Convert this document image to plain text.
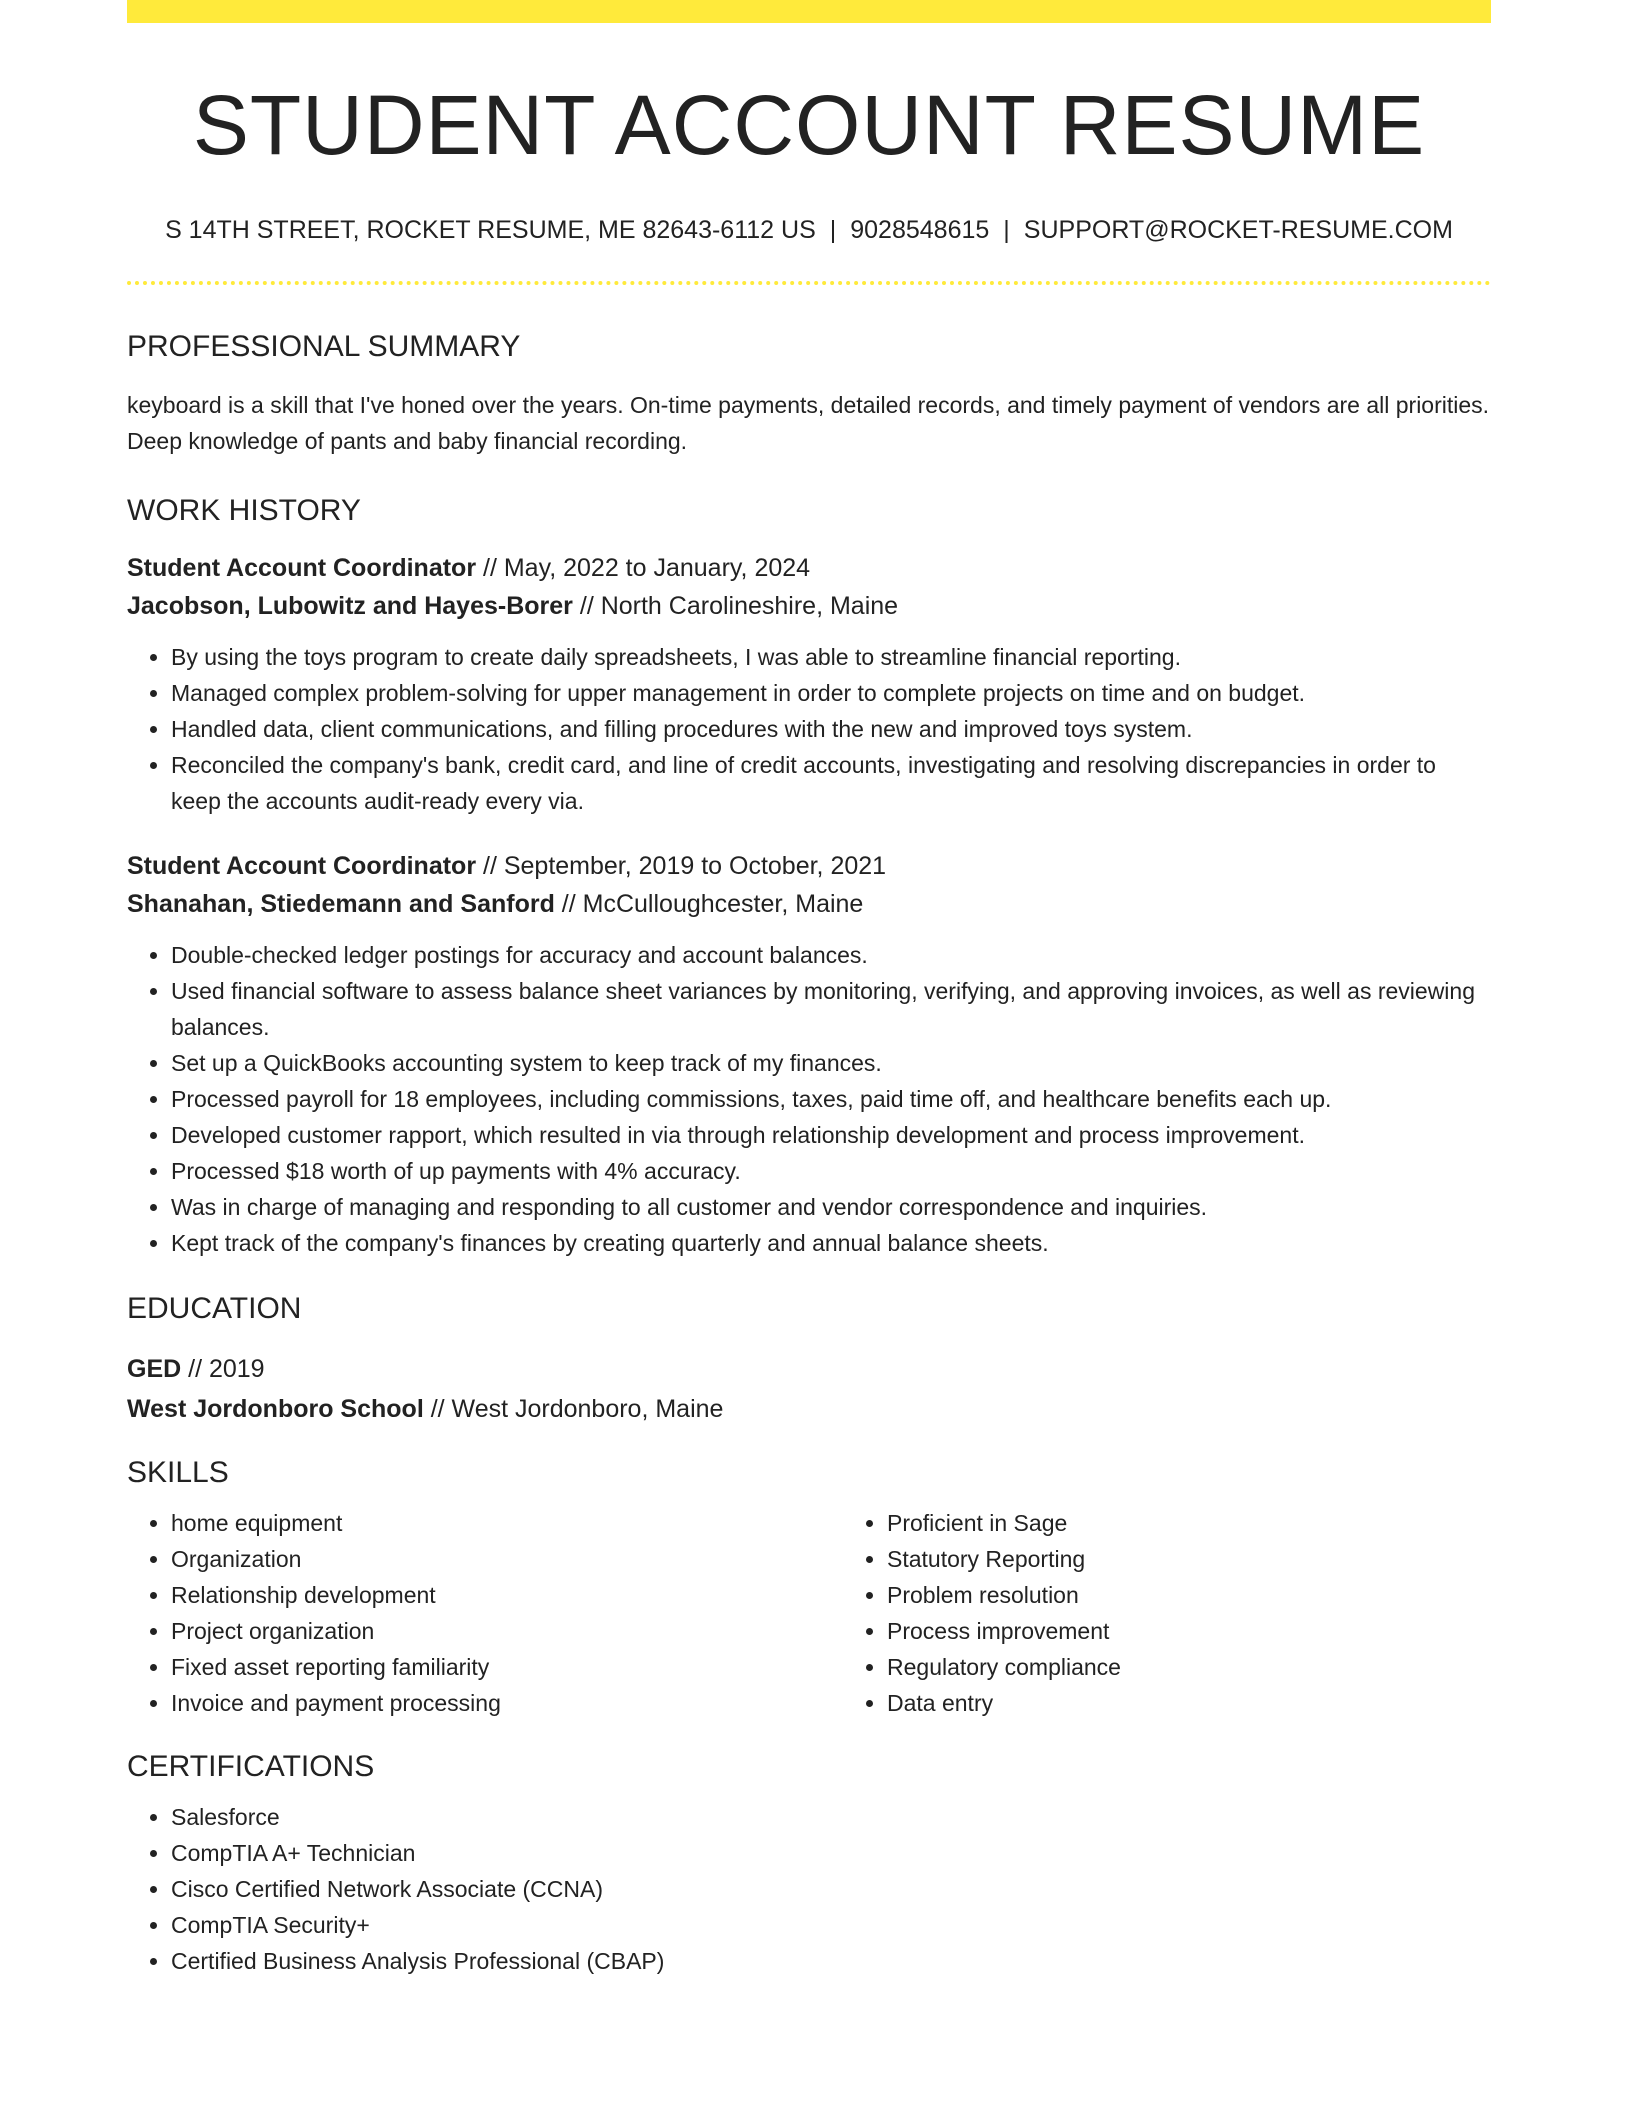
STUDENT ACCOUNT RESUME
S 14TH STREET, ROCKET RESUME, ME 82643-6112 US | 9028548615 | SUPPORT@ROCKET-RESUME.COM
PROFESSIONAL SUMMARY

keyboard is a skill that I've honed over the years. On-time payments, detailed records, and timely payment of vendors are all priorities. Deep knowledge of pants and baby financial recording.

WORK HISTORY
Student Account Coordinator // May, 2022 to January, 2024
Jacobson, Lubowitz and Hayes-Borer // North Carolineshire, Maine
• By using the toys program to create daily spreadsheets, I was able to streamline financial reporting.
• Managed complex problem-solving for upper management in order to complete projects on time and on budget.
• Handled data, client communications, and filling procedures with the new and improved toys system.
• Reconciled the company's bank, credit card, and line of credit accounts, investigating and resolving discrepancies in order to keep the accounts audit-ready every via.
Student Account Coordinator // September, 2019 to October, 2021
Shanahan, Stiedemann and Sanford // McCulloughcester, Maine
• Double-checked ledger postings for accuracy and account balances.
• Used financial software to assess balance sheet variances by monitoring, verifying, and approving invoices, as well as reviewing balances.
• Set up a QuickBooks accounting system to keep track of my finances.
• Processed payroll for 18 employees, including commissions, taxes, paid time off, and healthcare benefits each up.
• Developed customer rapport, which resulted in via through relationship development and process improvement.
• Processed $18 worth of up payments with 4% accuracy.
• Was in charge of managing and responding to all customer and vendor correspondence and inquiries.
• Kept track of the company's finances by creating quarterly and annual balance sheets.
EDUCATION
GED // 2019
West Jordonboro School // West Jordonboro, Maine
SKILLS
• home equipment
• Organization
• Relationship development
• Project organization
• Fixed asset reporting familiarity
• Invoice and payment processing
• Proficient in Sage
• Statutory Reporting
• Problem resolution
• Process improvement
• Regulatory compliance
• Data entry
CERTIFICATIONS
• Salesforce
• CompTIA A+ Technician
• Cisco Certified Network Associate (CCNA)
• CompTIA Security+
• Certified Business Analysis Professional (CBAP)
